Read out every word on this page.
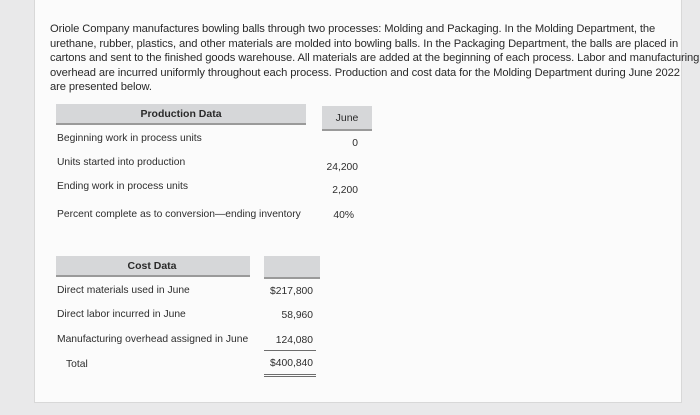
Oriole Company manufactures bowling balls through two processes: Molding and Packaging. In the Molding Department, the
urethane, rubber, plastics, and other materials are molded into bowling balls. In the Packaging Department, the balls are placed in
cartons and sent to the finished goods warehouse. All materials are added at the beginning of each process. Labor and manufacturing
overhead are incurred uniformly throughout each process. Production and cost data for the Molding Department during June 2022
are presented below.
Production Data	June
Beginning work in process units	0
Units started into production	24,200
Ending work in process units	2,200
Percent complete as to conversion—ending inventory	40%
Cost Data
Direct materials used in June	$217,800
Direct labor incurred in June	58,960
Manufacturing overhead assigned in June	124,080
Total	$400,840
